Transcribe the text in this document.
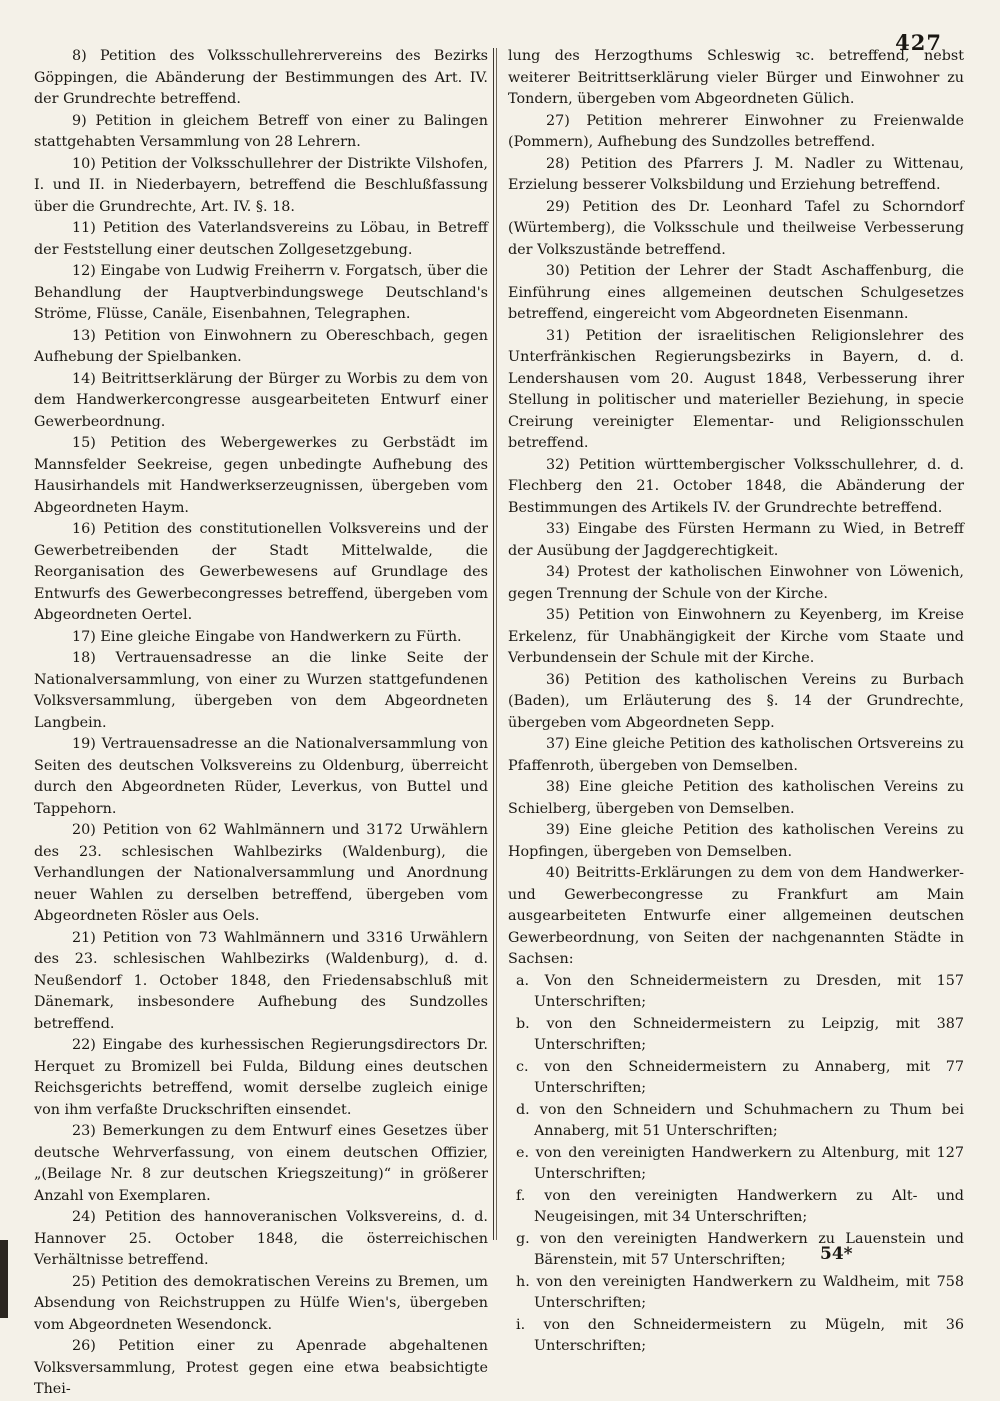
427

8) Petition des Volksschullehrervereins des Bezirks Göppingen, die Abänderung der Bestimmungen des Art. IV. der Grundrechte betreffend.

9) Petition in gleichem Betreff von einer zu Balingen stattgehabten Versammlung von 28 Lehrern.

10) Petition der Volksschullehrer der Distrikte Vilshofen, I. und II. in Niederbayern, betreffend die Beschlußfassung über die Grundrechte, Art. IV. §. 18.

11) Petition des Vaterlandsvereins zu Löbau, in Betreff der Feststellung einer deutschen Zollgesetzgebung.

12) Eingabe von Ludwig Freiherrn v. Forgatsch, über die Behandlung der Hauptverbindungswege Deutschland's Ströme, Flüsse, Canäle, Eisenbahnen, Telegraphen.

13) Petition von Einwohnern zu Obereschbach, gegen Aufhebung der Spielbanken.

14) Beitrittserklärung der Bürger zu Worbis zu dem von dem Handwerkercongresse ausgearbeiteten Entwurf einer Gewerbeordnung.

15) Petition des Webergewerkes zu Gerbstädt im Mannsfelder Seekreise, gegen unbedingte Aufhebung des Hausirhandels mit Handwerkserzeugnissen, übergeben vom Abgeordneten Haym.

16) Petition des constitutionellen Volksvereins und der Gewerbetreibenden der Stadt Mittelwalde, die Reorganisation des Gewerbewesens auf Grundlage des Entwurfs des Gewerbecongresses betreffend, übergeben vom Abgeordneten Oertel.

17) Eine gleiche Eingabe von Handwerkern zu Fürth.

18) Vertrauensadresse an die linke Seite der Nationalversammlung, von einer zu Wurzen stattgefundenen Volksversammlung, übergeben von dem Abgeordneten Langbein.

19) Vertrauensadresse an die Nationalversammlung von Seiten des deutschen Volksvereins zu Oldenburg, überreicht durch den Abgeordneten Rüder, Leverkus, von Buttel und Tappehorn.

20) Petition von 62 Wahlmännern und 3172 Urwählern des 23. schlesischen Wahlbezirks (Waldenburg), die Verhandlungen der Nationalversammlung und Anordnung neuer Wahlen zu derselben betreffend, übergeben vom Abgeordneten Rösler aus Oels.

21) Petition von 73 Wahlmännern und 3316 Urwählern des 23. schlesischen Wahlbezirks (Waldenburg), d. d. Neußendorf 1. October 1848, den Friedensabschluß mit Dänemark, insbesondere Aufhebung des Sundzolles betreffend.

22) Eingabe des kurhessischen Regierungsdirectors Dr. Herquet zu Bromizell bei Fulda, Bildung eines deutschen Reichsgerichts betreffend, womit derselbe zugleich einige von ihm verfaßte Druckschriften einsendet.

23) Bemerkungen zu dem Entwurf eines Gesetzes über deutsche Wehrverfassung, von einem deutschen Offizier, „(Beilage Nr. 8 zur deutschen Kriegszeitung)“ in größerer Anzahl von Exemplaren.

24) Petition des hannoveranischen Volksvereins, d. d. Hannover 25. October 1848, die österreichischen Verhältnisse betreffend.

25) Petition des demokratischen Vereins zu Bremen, um Absendung von Reichstruppen zu Hülfe Wien's, übergeben vom Abgeordneten Wesendonck.

26) Petition einer zu Apenrade abgehaltenen Volksversammlung, Protest gegen eine etwa beabsichtigte Thei-

lung des Herzogthums Schleswig ꝛc. betreffend, nebst weiterer Beitrittserklärung vieler Bürger und Einwohner zu Tondern, übergeben vom Abgeordneten Gülich.

27) Petition mehrerer Einwohner zu Freienwalde (Pommern), Aufhebung des Sundzolles betreffend.

28) Petition des Pfarrers J. M. Nadler zu Wittenau, Erzielung besserer Volksbildung und Erziehung betreffend.

29) Petition des Dr. Leonhard Tafel zu Schorndorf (Würtemberg), die Volksschule und theilweise Verbesserung der Volkszustände betreffend.

30) Petition der Lehrer der Stadt Aschaffenburg, die Einführung eines allgemeinen deutschen Schulgesetzes betreffend, eingereicht vom Abgeordneten Eisenmann.

31) Petition der israelitischen Religionslehrer des Unterfränkischen Regierungsbezirks in Bayern, d. d. Lendershausen vom 20. August 1848, Verbesserung ihrer Stellung in politischer und materieller Beziehung, in specie Creirung vereinigter Elementar- und Religionsschulen betreffend.

32) Petition württembergischer Volksschullehrer, d. d. Flechberg den 21. October 1848, die Abänderung der Bestimmungen des Artikels IV. der Grundrechte betreffend.

33) Eingabe des Fürsten Hermann zu Wied, in Betreff der Ausübung der Jagdgerechtigkeit.

34) Protest der katholischen Einwohner von Löwenich, gegen Trennung der Schule von der Kirche.

35) Petition von Einwohnern zu Keyenberg, im Kreise Erkelenz, für Unabhängigkeit der Kirche vom Staate und Verbundensein der Schule mit der Kirche.

36) Petition des katholischen Vereins zu Burbach (Baden), um Erläuterung des §. 14 der Grundrechte, übergeben vom Abgeordneten Sepp.

37) Eine gleiche Petition des katholischen Ortsvereins zu Pfaffenroth, übergeben von Demselben.

38) Eine gleiche Petition des katholischen Vereins zu Schielberg, übergeben von Demselben.

39) Eine gleiche Petition des katholischen Vereins zu Hopfingen, übergeben von Demselben.

40) Beitritts-Erklärungen zu dem von dem Handwerker- und Gewerbecongresse zu Frankfurt am Main ausgearbeiteten Entwurfe einer allgemeinen deutschen Gewerbeordnung, von Seiten der nachgenannten Städte in Sachsen:

a. Von den Schneidermeistern zu Dresden, mit 157 Unterschriften;

b. von den Schneidermeistern zu Leipzig, mit 387 Unterschriften;

c. von den Schneidermeistern zu Annaberg, mit 77 Unterschriften;

d. von den Schneidern und Schuhmachern zu Thum bei Annaberg, mit 51 Unterschriften;

e. von den vereinigten Handwerkern zu Altenburg, mit 127 Unterschriften;

f. von den vereinigten Handwerkern zu Alt- und Neugeisingen, mit 34 Unterschriften;

g. von den vereinigten Handwerkern zu Lauenstein und Bärenstein, mit 57 Unterschriften;

h. von den vereinigten Handwerkern zu Waldheim, mit 758 Unterschriften;

i. von den Schneidermeistern zu Mügeln, mit 36 Unterschriften;

54*
